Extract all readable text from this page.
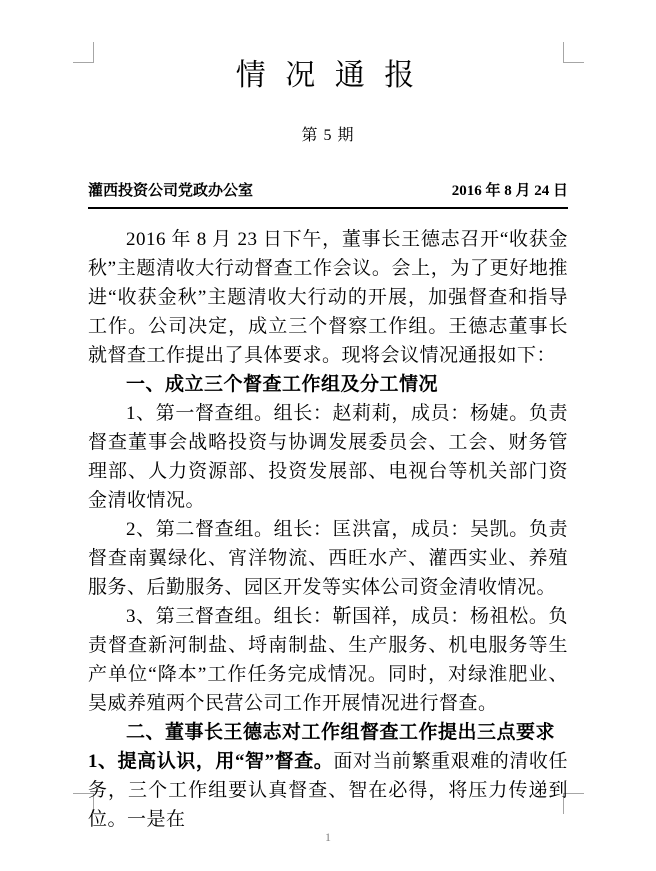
情 况 通 报
第 5 期
灌西投资公司党政办公室	2016 年 8 月 24 日

2016 年 8 月 23 日下午，董事长王德志召开“收获金秋”主题清收大行动督查工作会议。会上，为了更好地推进“收获金秋”主题清收大行动的开展，加强督查和指导工作。公司决定，成立三个督察工作组。王德志董事长就督查工作提出了具体要求。现将会议情况通报如下：

一、成立三个督查工作组及分工情况

1、第一督查组。组长：赵莉莉，成员：杨婕。负责督查董事会战略投资与协调发展委员会、工会、财务管理部、人力资源部、投资发展部、电视台等机关部门资金清收情况。

2、第二督查组。组长：匡洪富，成员：吴凯。负责督查南翼绿化、宵洋物流、西旺水产、灌西实业、养殖服务、后勤服务、园区开发等实体公司资金清收情况。

3、第三督查组。组长：靳国祥，成员：杨祖松。负责督查新河制盐、埒南制盐、生产服务、机电服务等生产单位“降本”工作任务完成情况。同时，对绿淮肥业、昊威养殖两个民营公司工作开展情况进行督查。

二、董事长王德志对工作组督查工作提出三点要求

1、提高认识，用“智”督查。面对当前繁重艰难的清收任务，三个工作组要认真督查、智在必得，将压力传递到位。一是在

1
